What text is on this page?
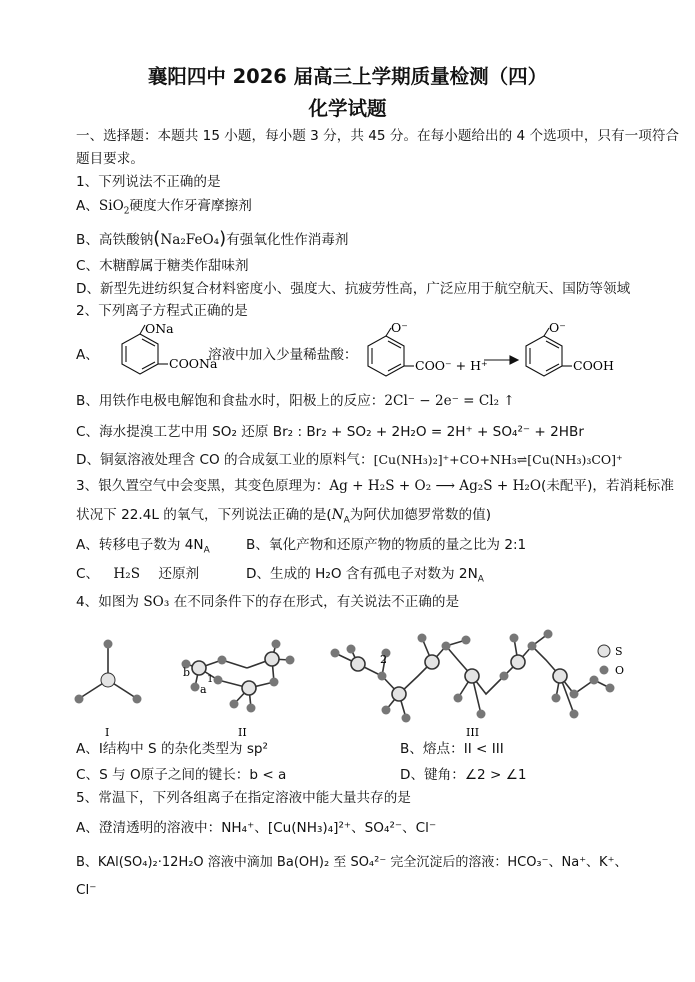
襄阳四中 2026 届高三上学期质量检测（四）
化学试题
一、选择题：本题共 15 小题，每小题 3 分，共 45 分。在每小题给出的 4 个选项中，只有一项符合
题目要求。
1、下列说法不正确的是
A、SiO$_2$硬度大作牙膏摩擦剂
B、高铁酸钠(Na₂FeO₄)有强氧化性作消毒剂
C、木糖醇属于糖类作甜味剂
D、新型先进纺织复合材料密度小、强度大、抗疲劳性高，广泛应用于航空航天、国防等领域
2、下列离子方程式正确的是
A、
ONa
COONa
溶液中加入少量稀盐酸：
O⁻
COO⁻ + H⁺
O⁻
COOH
B、用铁作电极电解饱和食盐水时，阳极上的反应：2Cl⁻ − 2e⁻ = Cl₂ ↑
C、海水提溴工艺中用 SO₂ 还原 Br₂ : Br₂ + SO₂ + 2H₂O = 2H⁺ + SO₄²⁻ + 2HBr
D、铜氨溶液处理含 CO 的合成氨工业的原料气：[Cu(NH₃)₂]⁺+CO+NH₃⇌[Cu(NH₃)₃CO]⁺
3、银久置空气中会变黑，其变色原理为：Ag + H₂S + O₂ ⟶ Ag₂S + H₂O(未配平)，若消耗标准
状况下 22.4L 的氧气，下列说法正确的是($N_A$为阿伏加德罗常数的值)
A、转移电子数为 $4N_A$	B、氧化产物和还原产物的物质的量之比为 2:1
C、 H₂S 还原剂	D、生成的 H₂O 含有孤电子对数为 $2N_A$
4、如图为 SO₃ 在不同条件下的存在形式，有关说法不正确的是
b
a
1
2
S
O
I	II	III
A、I结构中 S 的杂化类型为 sp²	B、熔点：II < III
C、S 与 O原子之间的键长：b < a	D、键角：∠2 > ∠1
5、常温下，下列各组离子在指定溶液中能大量共存的是
A、澄清透明的溶液中：NH₄⁺、[Cu(NH₃)₄]²⁺、SO₄²⁻、Cl⁻
B、KAl(SO₄)₂·12H₂O 溶液中滴加 Ba(OH)₂ 至 SO₄²⁻ 完全沉淀后的溶液：HCO₃⁻、Na⁺、K⁺、
Cl⁻
